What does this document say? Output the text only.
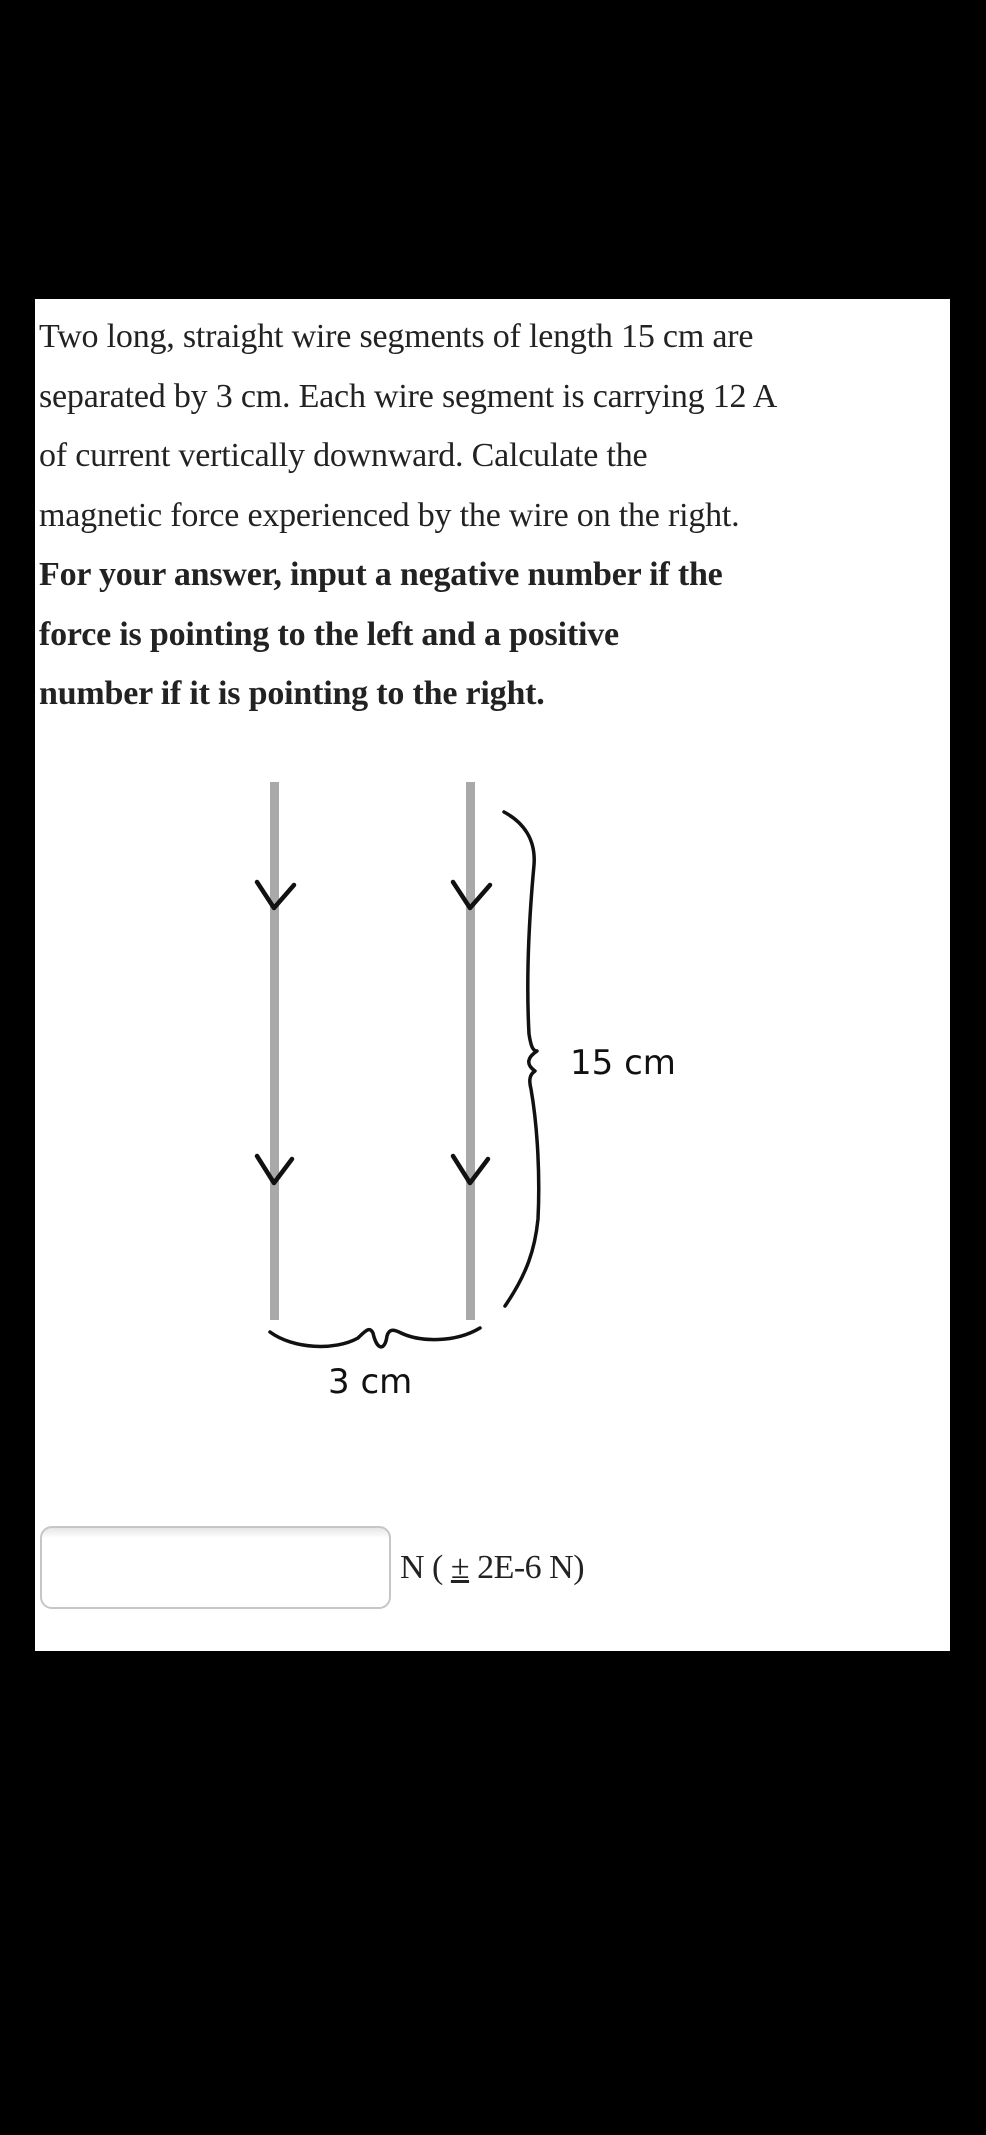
Two long, straight wire segments of length 15 cm are
separated by 3 cm. Each wire segment is carrying 12 A
of current vertically downward. Calculate the
magnetic force experienced by the wire on the right.
For your answer, input a negative number if the
force is pointing to the left and a positive
number if it is pointing to the right.
15 cm
3 cm
N ( ± 2E-6 N)
